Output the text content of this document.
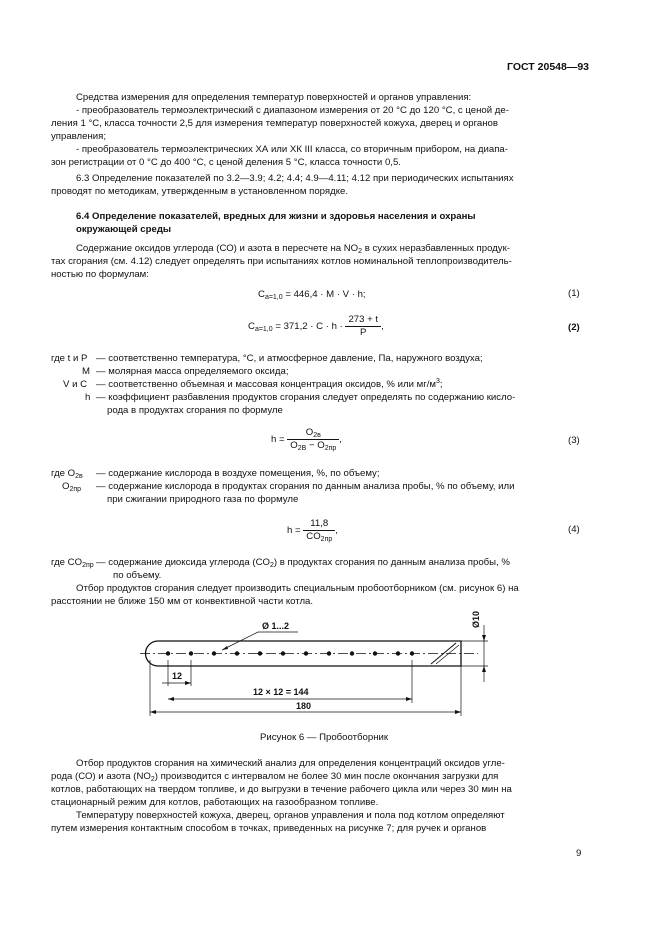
ГОСТ 20548—93
Средства измерения для определения температур поверхностей и органов управления:
- преобразователь термоэлектрический с диапазоном измерения от 20 °С до 120 °С, с ценой де-
ления 1 °С, класса точности 2,5 для измерения температур поверхностей кожуха, дверец и органов
управления;
- преобразователь термоэлектрических ХА или ХК III класса, со вторичным прибором, на диапа-
зон регистрации от 0 °С до 400 °С, с ценой деления 5 °С, класса точности 0,5.
6.3 Определение показателей по 3.2—3.9; 4.2; 4.4; 4.9—4.11; 4.12 при периодических испытаниях
проводят по методикам, утвержденным в установленном порядке.
6.4 Определение показателей, вредных для жизни и здоровья населения и охраны
окружающей среды
Содержание оксидов углерода (СО) и азота в пересчете на $NO_2$ в сухих неразбавленных продук-
тах сгорания (см. 4.12) следует определять при испытаниях котлов номинальной теплопроизводитель-
ностью по формулам:
$C_{a=1,0} = 446,4 \cdot M \cdot V \cdot h$;	(1)
$C_{a=1,0} = 371,2 \cdot C \cdot h \cdot \frac{273 + t}{P}$ ,	(2)
где t и P — соответственно температура, °С, и атмосферное давление, Па, наружного воздуха;
M — молярная масса определяемого оксида;
V и C — соответственно объемная и массовая концентрация оксидов, % или $мг/м^3$;
h — коэффициент разбавления продуктов сгорания следует определять по содержанию кисло-
рода в продуктах сгорания по формуле
$h = \frac{O_{2в}}{O_{2В} - O_{2пр}}$ ,	(3)
где $O_{2в}$ — содержание кислорода в воздухе помещения, %, по объему;
$O_{2пр}$ — содержание кислорода в продуктах сгорания по данным анализа пробы, % по объему, или
при сжигании природного газа по формуле
$h = \frac{11,8}{CO_{2пр}}$ ,	(4)
где $CO_{2пр}$ — содержание диоксида углерода $(CO_2)$ в продуктах сгорания по данным анализа пробы, %
по объему.
Отбор продуктов сгорания следует производить специальным пробоотборником (см. рисунок 6) на
расстоянии не ближе 150 мм от конвективной части котла.
Ø 1...2	Ø10
12
12 × 12 = 144
180
Рисунок 6 — Пробоотборник
Отбор продуктов сгорания на химический анализ для определения концентраций оксидов угле-
рода (СО) и азота $(NO_2)$ производится с интервалом не более 30 мин после окончания загрузки для
котлов, работающих на твердом топливе, и до выгрузки в течение рабочего цикла или через 30 мин на
стационарный режим для котлов, работающих на газообразном топливе.
Температуру поверхностей кожуха, дверец, органов управления и пола под котлом определяют
путем измерения контактным способом в точках, приведенных на рисунке 7; для ручек и органов
9
